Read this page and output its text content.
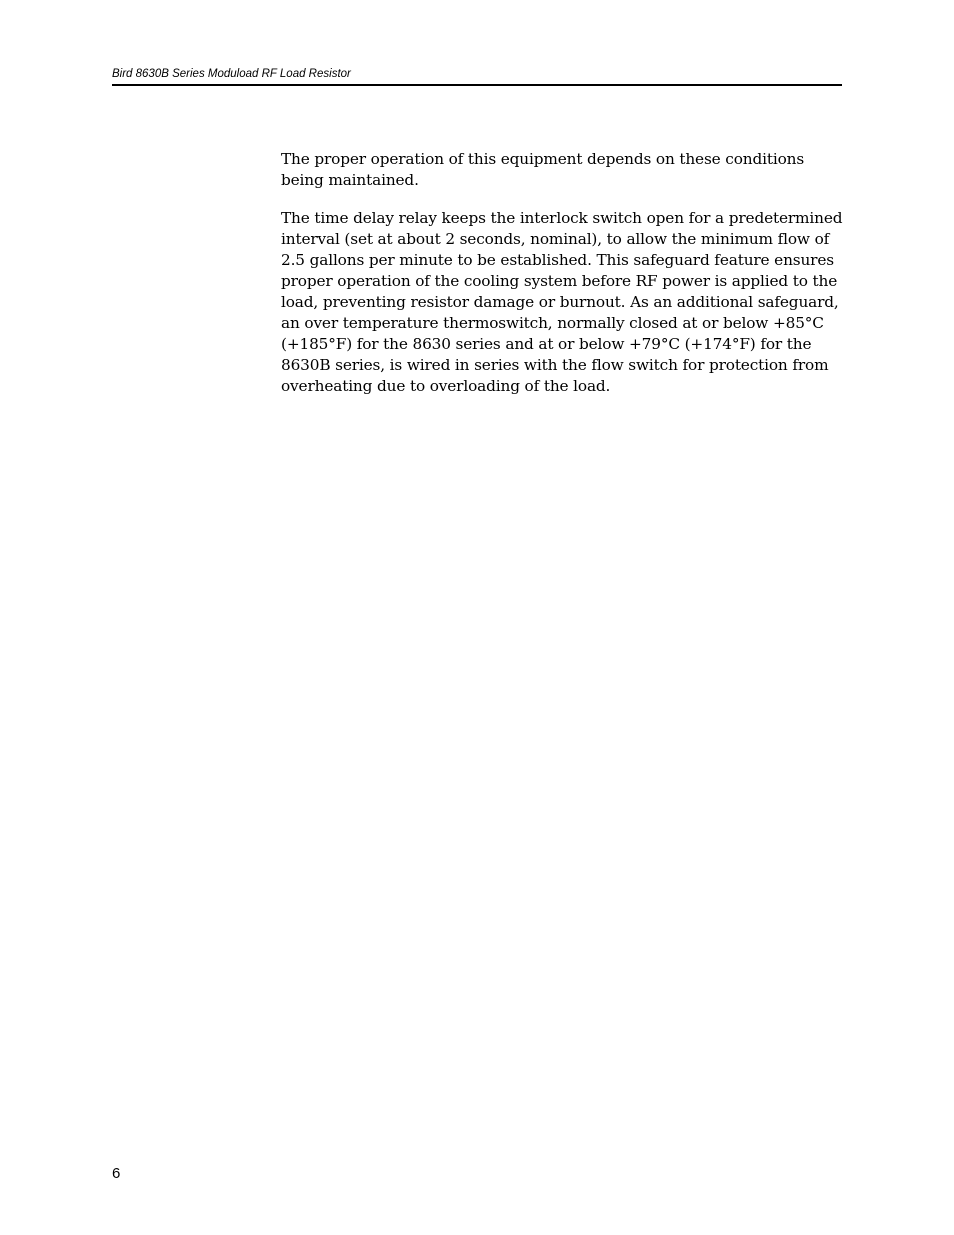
Bird 8630B Series Moduload RF Load Resistor

The proper operation of this equipment depends on these conditions being maintained.

The time delay relay keeps the interlock switch open for a predetermined interval (set at about 2 seconds, nominal), to allow the minimum flow of 2.5 gallons per minute to be established. This safeguard feature ensures proper operation of the cooling system before RF power is applied to the load, preventing resistor damage or burnout. As an additional safeguard, an over temperature thermoswitch, normally closed at or below +85°C (+185°F) for the 8630 series and at or below +79°C (+174°F) for the 8630B series, is wired in series with the flow switch for protection from overheating due to overloading of the load.

6
